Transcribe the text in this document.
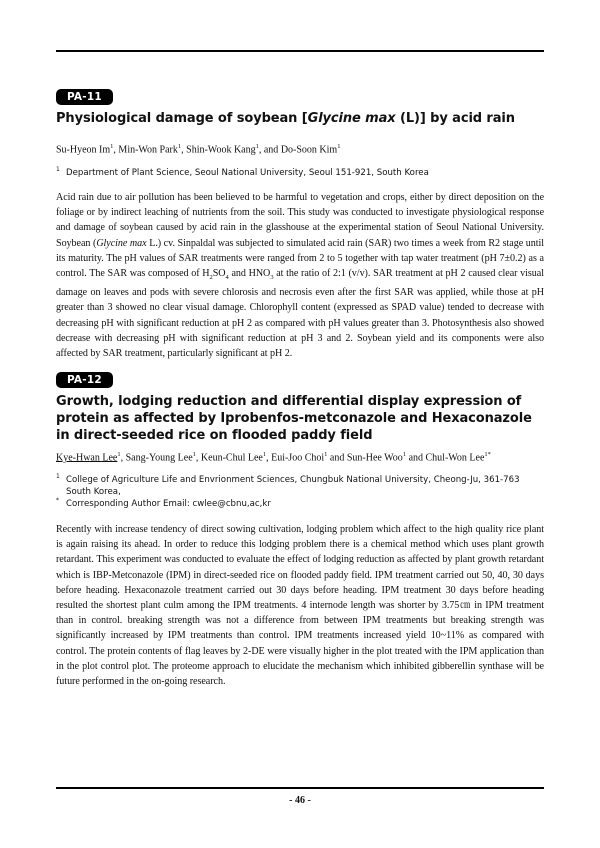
PA-11
Physiological damage of soybean [Glycine max (L)] by acid rain

Su-Hyeon Im$^1$, Min-Won Park$^1$, Shin-Wook Kang$^1$, and Do-Soon Kim$^1$

1 Department of Plant Science, Seoul National University, Seoul 151-921, South Korea

Acid rain due to air pollution has been believed to be harmful to vegetation and crops, either by direct deposition on the foliage or by indirect leaching of nutrients from the soil. This study was conducted to investigate physiological response and damage of soybean caused by acid rain in the glasshouse at the experimental station of Seoul National University. Soybean (Glycine max L.) cv. Sinpaldal was subjected to simulated acid rain (SAR) two times a week from R2 stage until its maturity. The pH values of SAR treatments were ranged from 2 to 5 together with tap water treatment (pH 7±0.2) as a control. The SAR was composed of $H_2SO_4$ and $HNO_3$ at the ratio of 2:1 (v/v). SAR treatment at pH 2 caused clear visual damage on leaves and pods with severe chlorosis and necrosis even after the first SAR was applied, while those at pH greater than 3 showed no clear visual damage. Chlorophyll content (expressed as SPAD value) tended to decrease with decreasing pH with significant reduction at pH 2 as compared with pH values greater than 3. Photosynthesis also showed decrease with decreasing pH with significant reduction at pH 3 and 2. Soybean yield and its components were also affected by SAR treatment, particularly significant at pH 2.

PA-12
Growth, lodging reduction and differential display expression of protein as affected by Iprobenfos-metconazole and Hexaconazole in direct-seeded rice on flooded paddy field

Kye-Hwan Lee$^1$, Sang-Young Lee$^1$, Keun-Chul Lee$^1$, Eui-Joo Choi$^1$ and Sun-Hee Woo$^1$ and Chul-Won Lee$^{1*}$

1 College of Agriculture Life and Envrionment Sciences, Chungbuk National University, Cheong-Ju, 361-763 South Korea,

* Corresponding Author Email: cwlee@cbnu,ac,kr

Recently with increase tendency of direct sowing cultivation, lodging problem which affect to the high quality rice plant is again raising its ahead. In order to reduce this lodging problem there is a chemical method which uses plant growth retardant. This experiment was conducted to evaluate the effect of lodging reduction as affected by plant growth retardant which is IBP-Metconazole (IPM) in direct-seeded rice on flooded paddy field. IPM treatment carried out 50, 40, 30 days before heading. Hexaconazole treatment carried out 30 days before heading. IPM treatment 30 days before heading resulted the shortest plant culm among the IPM treatments. 4 internode length was shorter by 3.75㎝ in IPM treatment than in control. breaking strength was not a difference from between IPM treatments but breaking strength was significantly increased by IPM treatments than control. IPM treatments increased yield 10~11% as compared with control. The protein contents of flag leaves by 2-DE were visually higher in the plot treated with the IPM application than in the plot control plot. The proteome approach to elucidate the mechanism which inhibited gibberellin synthase will be future performed in the on-going research.

- 46 -
